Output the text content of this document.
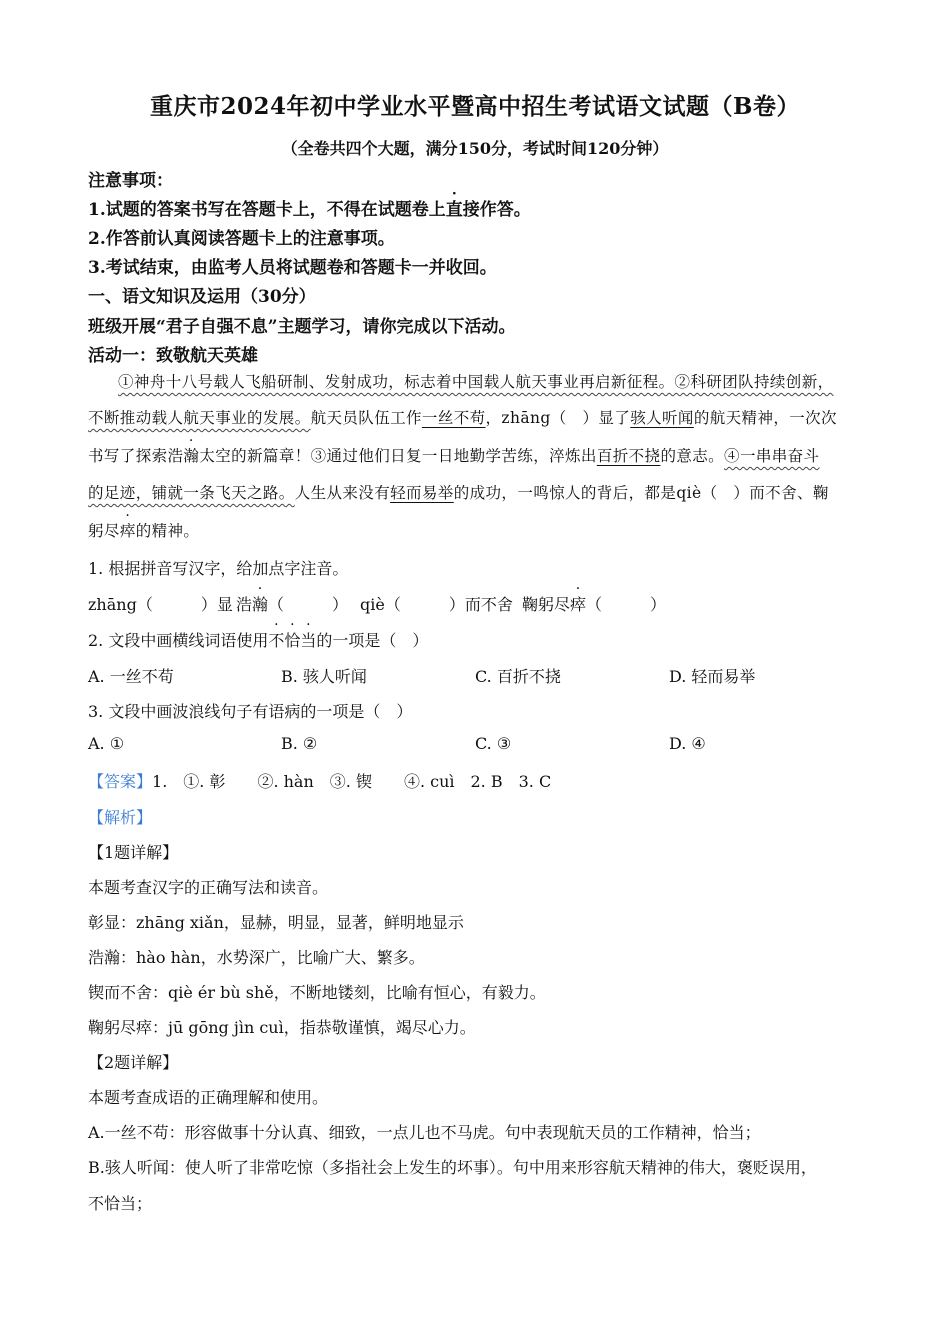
重庆市2024年初中学业水平暨高中招生考试语文试题（B卷）
（全卷共四个大题，满分150分，考试时间120分钟）
注意事项：
1.试题的答案书写在答题卡上，不得在试题卷上直接作答。
2.作答前认真阅读答题卡上的注意事项。
3.考试结束，由监考人员将试题卷和答题卡一并收回。
一、语文知识及运用（30分）
班级开展“君子自强不息”主题学习，请你完成以下活动。
活动一：致敬航天英雄
①神舟十八号载人飞船研制、发射成功，标志着中国载人航天事业再启新征程。②科研团队持续创新，
不断推动载人航天事业的发展。航天员队伍工作一丝不苟，zhāng（　）显了骇人听闻的航天精神，一次次
书写了探索浩瀚太空的新篇章！③通过他们日复一日地勤学苦练，淬炼出百折不挠的意志。④一串串奋斗
的足迹，铺就一条飞天之路。人生从来没有轻而易举的成功，一鸣惊人的背后，都是qiè（　）而不舍、鞠
躬尽瘁的精神。
1. 根据拼音写汉字，给加点字注音。
zhāng（　　　）显 浩瀚（　　　） qiè（　　　）而不舍 鞠躬尽瘁（　　　）
2. 文段中画横线词语使用不恰当的一项是（　）
A. 一丝不苟	B. 骇人听闻	C. 百折不挠	D. 轻而易举
3. 文段中画波浪线句子有语病的一项是（　）
A. ①	B. ②	C. ③	D. ④
【答案】1.　①. 彰　　②. hàn　③. 锲　　④. cuì　2. B　3. C
【解析】
【1题详解】
本题考查汉字的正确写法和读音。
彰显：zhāng xiǎn，显赫，明显，显著，鲜明地显示
浩瀚：hào hàn，水势深广，比喻广大、繁多。
锲而不舍：qiè ér bù shě，不断地镂刻，比喻有恒心，有毅力。
鞠躬尽瘁：jū gōng jìn cuì，指恭敬谨慎，竭尽心力。
【2题详解】
本题考查成语的正确理解和使用。
A.一丝不苟：形容做事十分认真、细致，一点儿也不马虎。句中表现航天员的工作精神，恰当；
B.骇人听闻：使人听了非常吃惊（多指社会上发生的坏事）。句中用来形容航天精神的伟大，褒贬误用，
不恰当；
